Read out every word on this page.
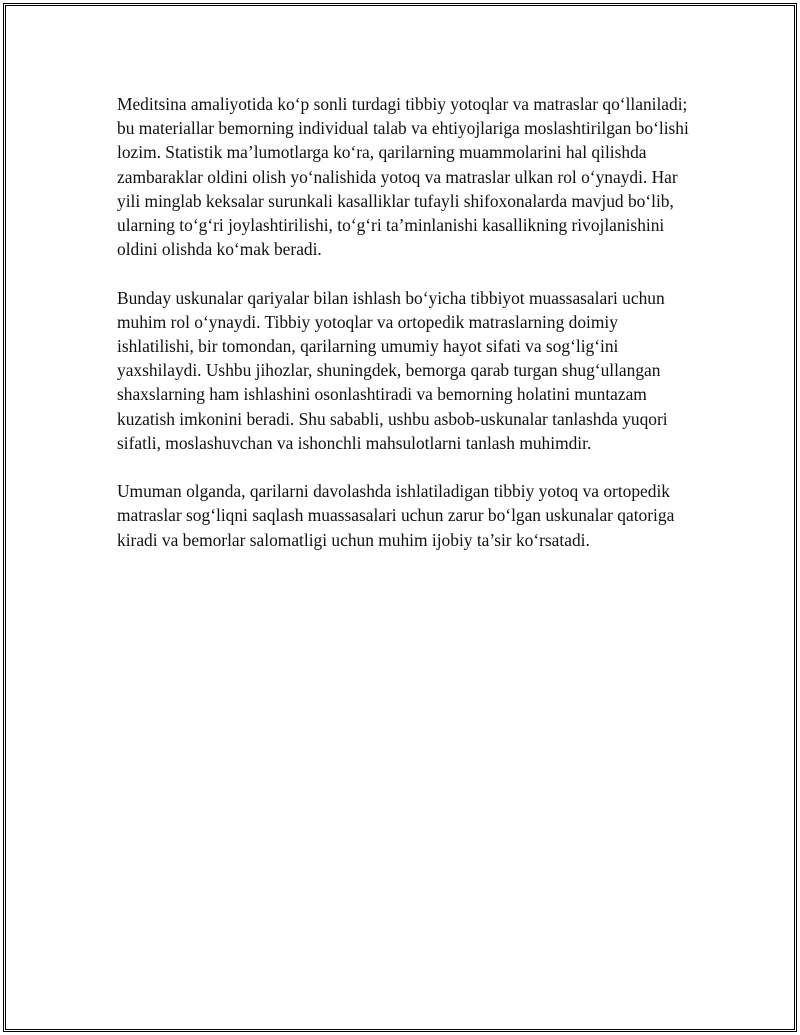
Meditsina amaliyotida ko‘p sonli turdagi tibbiy yotoqlar va matraslar qo‘llaniladi; bu materiallar bemorning individual talab va ehtiyojlariga moslashtirilgan bo‘lishi lozim. Statistik ma’lumotlarga ko‘ra, qarilarning muammolarini hal qilishda zambaraklar oldini olish yo‘nalishida yotoq va matraslar ulkan rol o‘ynaydi. Har yili minglab keksalar surunkali kasalliklar tufayli shifoxonalarda mavjud bo‘lib, ularning to‘g‘ri joylashtirilishi, to‘g‘ri ta’minlanishi kasallikning rivojlanishini oldini olishda ko‘mak beradi.

Bunday uskunalar qariyalar bilan ishlash bo‘yicha tibbiyot muassasalari uchun muhim rol o‘ynaydi. Tibbiy yotoqlar va ortopedik matraslarning doimiy ishlatilishi, bir tomondan, qarilarning umumiy hayot sifati va sog‘lig‘ini yaxshilaydi. Ushbu jihozlar, shuningdek, bemorga qarab turgan shug‘ullangan shaxslarning ham ishlashini osonlashtiradi va bemorning holatini muntazam kuzatish imkonini beradi. Shu sababli, ushbu asbob-uskunalar tanlashda yuqori sifatli, moslashuvchan va ishonchli mahsulotlarni tanlash muhimdir.

Umuman olganda, qarilarni davolashda ishlatiladigan tibbiy yotoq va ortopedik matraslar sog‘liqni saqlash muassasalari uchun zarur bo‘lgan uskunalar qatoriga kiradi va bemorlar salomatligi uchun muhim ijobiy ta’sir ko‘rsatadi.
